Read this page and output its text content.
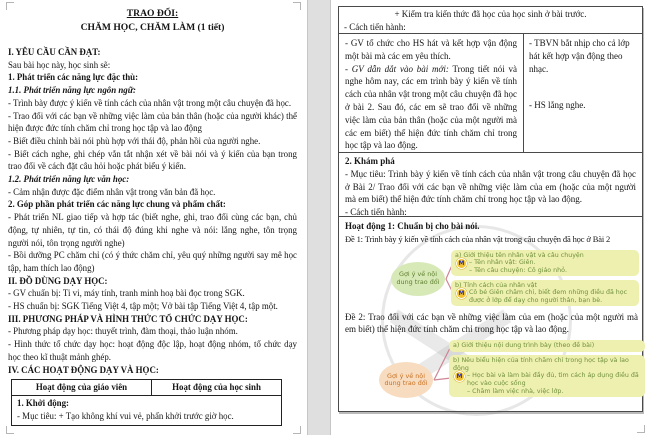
TRAO ĐỔI:
CHĂM HỌC, CHĂM LÀM (1 tiết)

I. YÊU CẦU CẦN ĐẠT:

Sau bài học này, học sinh sẽ:

1. Phát triển các năng lực đặc thù:

1.1. Phát triển năng lực ngôn ngữ:

- Trình bày được ý kiến về tính cách của nhân vật trong một câu chuyện đã học.

- Trao đổi với các bạn về những việc làm của bản thân (hoặc của người khác) thể hiện được đức tính chăm chỉ trong học tập và lao động

- Biết điều chỉnh bài nói phù hợp với thái độ, phản hồi của người nghe.

- Biết cách nghe, ghi chép vắn tắt nhận xét về bài nói và ý kiến của bạn trong trao đổi về cách đặt câu hỏi hoặc phát biểu ý kiến.

1.2. Phát triển năng lực văn học:

- Cảm nhận được đặc điểm nhân vật trong văn bản đã học.

2. Góp phần phát triển các năng lực chung và phẩm chất:

- Phát triển NL giao tiếp và hợp tác (biết nghe, ghi, trao đổi cùng các bạn, chủ động, tự nhiên, tự tin, có thái độ đúng khi nghe và nói: lắng nghe, tôn trọng người nói, tôn trọng người nghe)

- Bồi dưỡng PC chăm chỉ (có ý thức chăm chỉ, yêu quý những người say mê học tập, ham thích lao động)

II. ĐỒ DÙNG DẠY HỌC:

- GV chuẩn bị: Ti vi, máy tính, tranh minh hoạ bài đọc trong SGK.

- HS chuẩn bị: SGK Tiếng Việt 4, tập một; Vở bài tập Tiếng Việt 4, tập một.

III. PHƯƠNG PHÁP VÀ HÌNH THỨC TỔ CHỨC DẠY HỌC:

- Phương pháp dạy học: thuyết trình, đàm thoại, thảo luận nhóm.

- Hình thức tổ chức dạy học: hoạt động độc lập, hoạt động nhóm, tổ chức dạy học theo kĩ thuật mảnh ghép.

IV. CÁC HOẠT ĐỘNG DẠY VÀ HỌC:

Hoạt động của giáo viên	Hoạt động của học sinh

1. Khởi động:

- Mục tiêu: + Tạo không khí vui vẻ, phấn khởi trước giờ học.

+ Kiểm tra kiến thức đã học của học sinh ở bài trước.
- Cách tiến hành:

- GV tổ chức cho HS hát và kết hợp vận động một bài mà các em yêu thích.

- GV dẫn dắt vào bài mới: Trong tiết nói và nghe hôm nay, các em trình bày ý kiến về tính cách của nhân vật trong một câu chuyện đã học ở bài 2. Sau đó, các em sẽ trao đổi về những việc làm của bản thân (hoặc của một người mà các em biết) thể hiện đức tính chăm chỉ trong học tập và lao động.

- TBVN bắt nhịp cho cả lớp hát kết hợp vận động theo nhạc.

- HS lắng nghe.

2. Khám phá

- Mục tiêu: Trình bày ý kiến về tính cách của nhân vật trong câu chuyện đã học ở Bài 2/ Trao đổi với các bạn về những việc làm của em (hoặc của một người mà em biết) thể hiện đức tính chăm chỉ trong học tập và lao động.

- Cách tiến hành:

Hoạt động 1: Chuẩn bị cho bài nói.

Đề 1: Trình bày ý kiến về tính cách của nhân vật trong câu chuyện đã học ở Bài 2

Gợi ý về nội dung trao đổi
a) Giới thiệu tên nhân vật và câu chuyện
M – Tên nhân vật: Giên.
– Tên câu chuyện: Cô giáo nhỏ.
b) Tính cách của nhân vật
M Cô bé Giên chăm chỉ, biết đem những điều đã học được ở lớp để dạy cho người thân, bạn bè.

Đề 2: Trao đổi với các bạn về những việc làm của em (hoặc của một người mà em biết) thể hiện đức tính chăm chỉ trong học tập và lao động.

Gợi ý về nội dung trao đổi
a) Giới thiệu nội dung trình bày (theo đề bài)
b) Nêu biểu hiện của tính chăm chỉ trong học tập và lao động
M – Học bài và làm bài đầy đủ, tìm cách áp dụng điều đã học vào cuộc sống
– Chăm làm việc nhà, việc lớp.
